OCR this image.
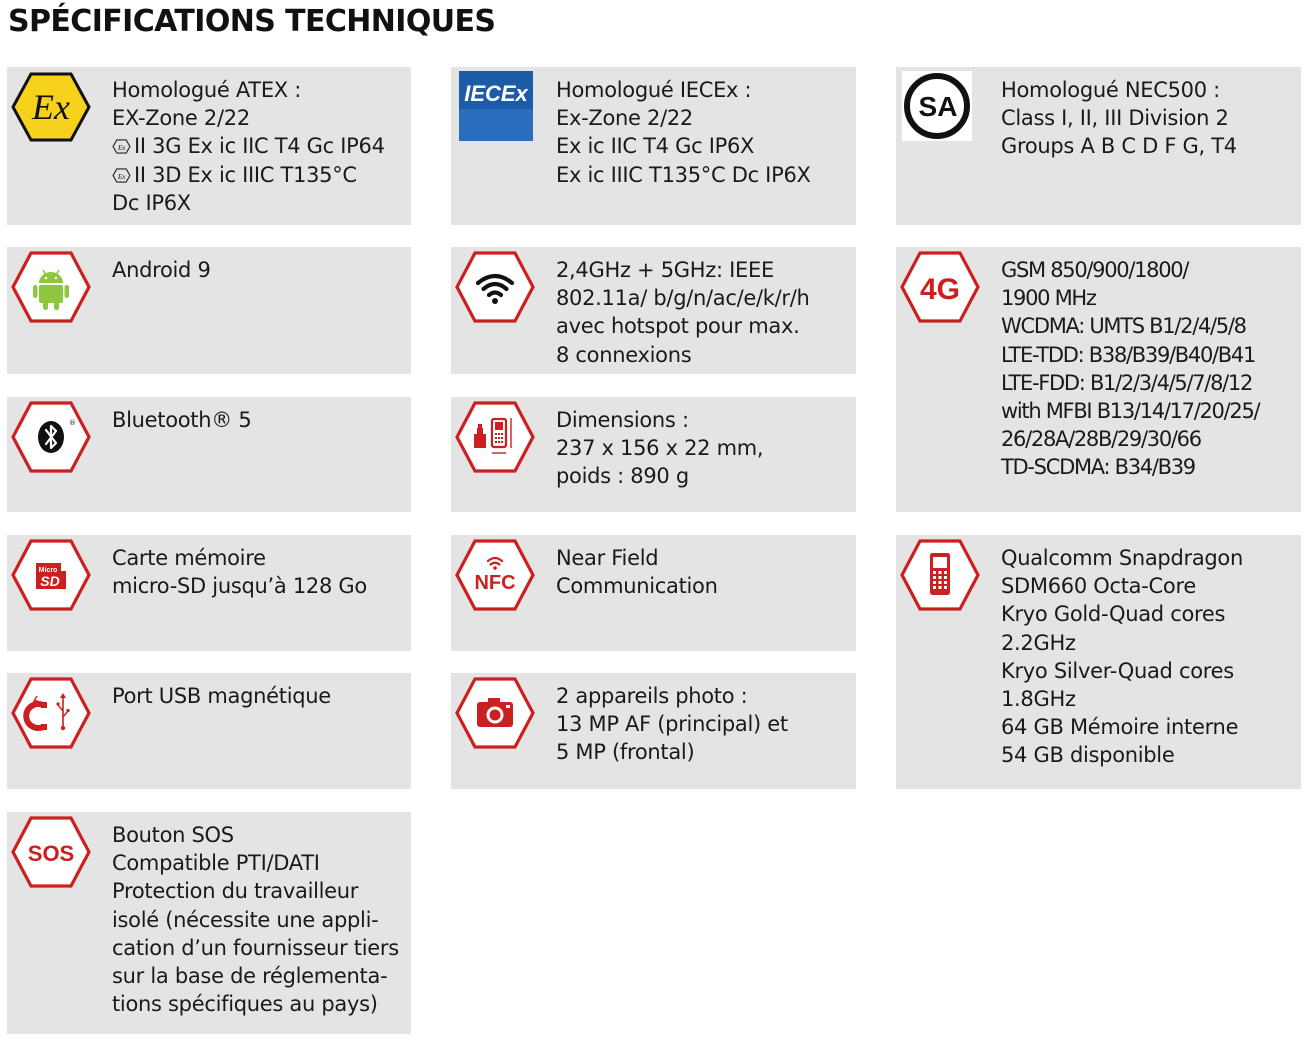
SPÉCIFICATIONS TECHNIQUES
Ex Homologué ATEX :
EX-Zone 2/22
Ex II 3G Ex ic IIC T4 Gc IP64
Ex II 3D Ex ic IIIC T135°C
Dc IP6X
IECEx Homologué IECEx :
Ex-Zone 2/22
Ex ic IIC T4 Gc IP6X
Ex ic IIIC T135°C Dc IP6X
SA
Homologué NEC500 :
Class I, II, III Division 2
Groups A B C D F G, T4
Android 9	2,4GHz + 5GHz: IEEE
802.11a/ b/g/n/ac/e/k/r/h
avec hotspot pour max.
8 connexions
4G
GSM 850/900/1800/
1900 MHz
WCDMA: UMTS B1/2/4/5/8
LTE-TDD: B38/B39/B40/B41
LTE-FDD: B1/2/3/4/5/7/8/12
with MFBI B13/14/17/20/25/
26/28A/28B/29/30/66
TD-SCDMA: B34/B39
® Bluetooth® 5	Dimensions :
237 x 156 x 22 mm,
poids : 890 g
Micro
SD
Carte mémoire
micro-SD jusqu’à 128 Go	NFC
Near Field
Communication
Qualcomm Snapdragon
SDM660 Octa-Core
Kryo Gold-Quad cores
2.2GHz
Kryo Silver-Quad cores
1.8GHz
64 GB Mémoire interne
54 GB disponible
Port USB magnétique	2 appareils photo :
13 MP AF (principal) et
5 MP (frontal)
SOS
Bouton SOS
Compatible PTI/DATI
Protection du travailleur
isolé (nécessite une appli-
cation d’un fournisseur tiers
sur la base de réglementa-
tions spécifiques au pays)
